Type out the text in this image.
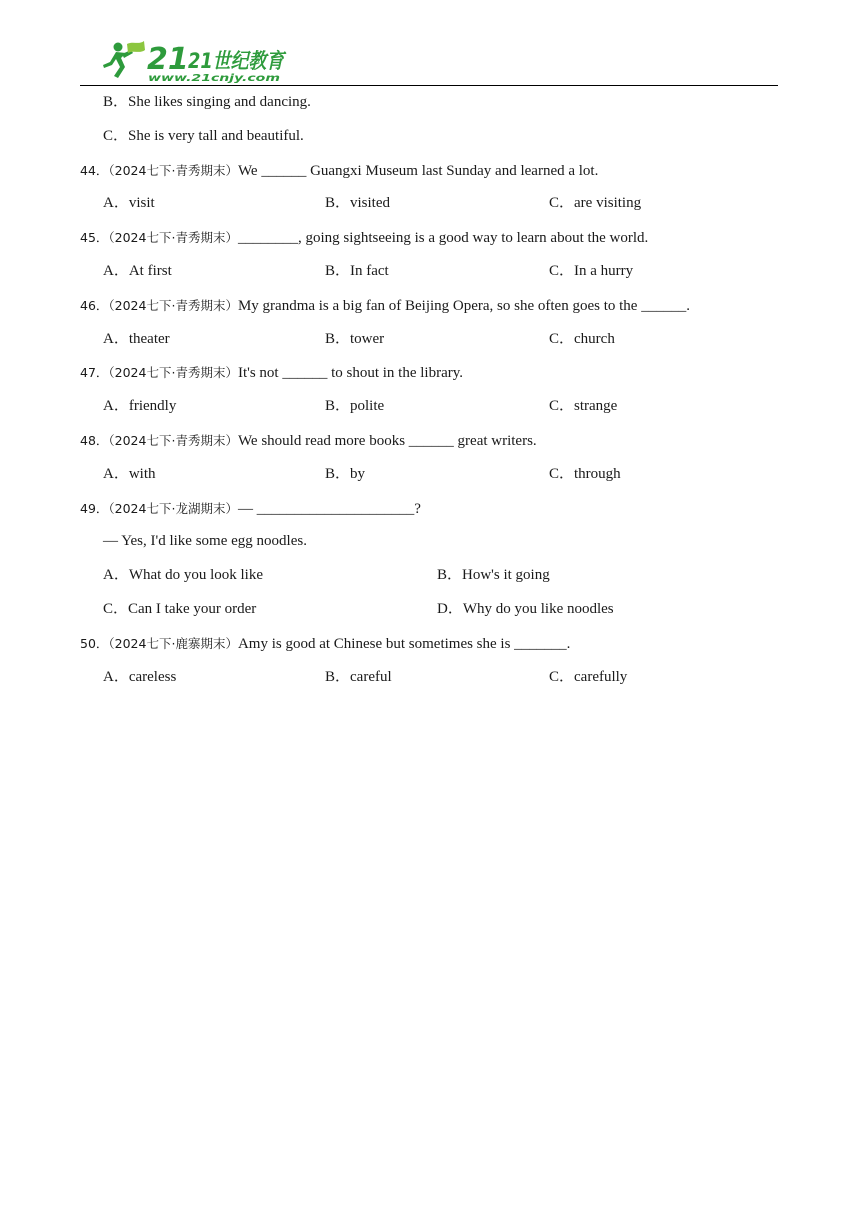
21 21世纪教育
www.21cnjy.com
B．She likes singing and dancing.
C．She is very tall and beautiful.
44．（2024七下·青秀期末）We ______ Guangxi Museum last Sunday and learned a lot.
A．visit	B．visited	C．are visiting
45．（2024七下·青秀期末）________, going sightseeing is a good way to learn about the world.
A．At first	B．In fact	C．In a hurry
46．（2024七下·青秀期末）My grandma is a big fan of Beijing Opera, so she often goes to the ______.
A．theater	B．tower	C．church
47．（2024七下·青秀期末）It's not ______ to shout in the library.
A．friendly	B．polite	C．strange
48．（2024七下·青秀期末）We should read more books ______ great writers.
A．with	B．by	C．through
49．（2024七下·龙湖期末）— _____________________?
— Yes, I'd like some egg noodles.
A．What do you look like	B．How's it going
C．Can I take your order	D．Why do you like noodles
50．（2024七下·鹿寨期末）Amy is good at Chinese but sometimes she is _______.
A．careless	B．careful	C．carefully
